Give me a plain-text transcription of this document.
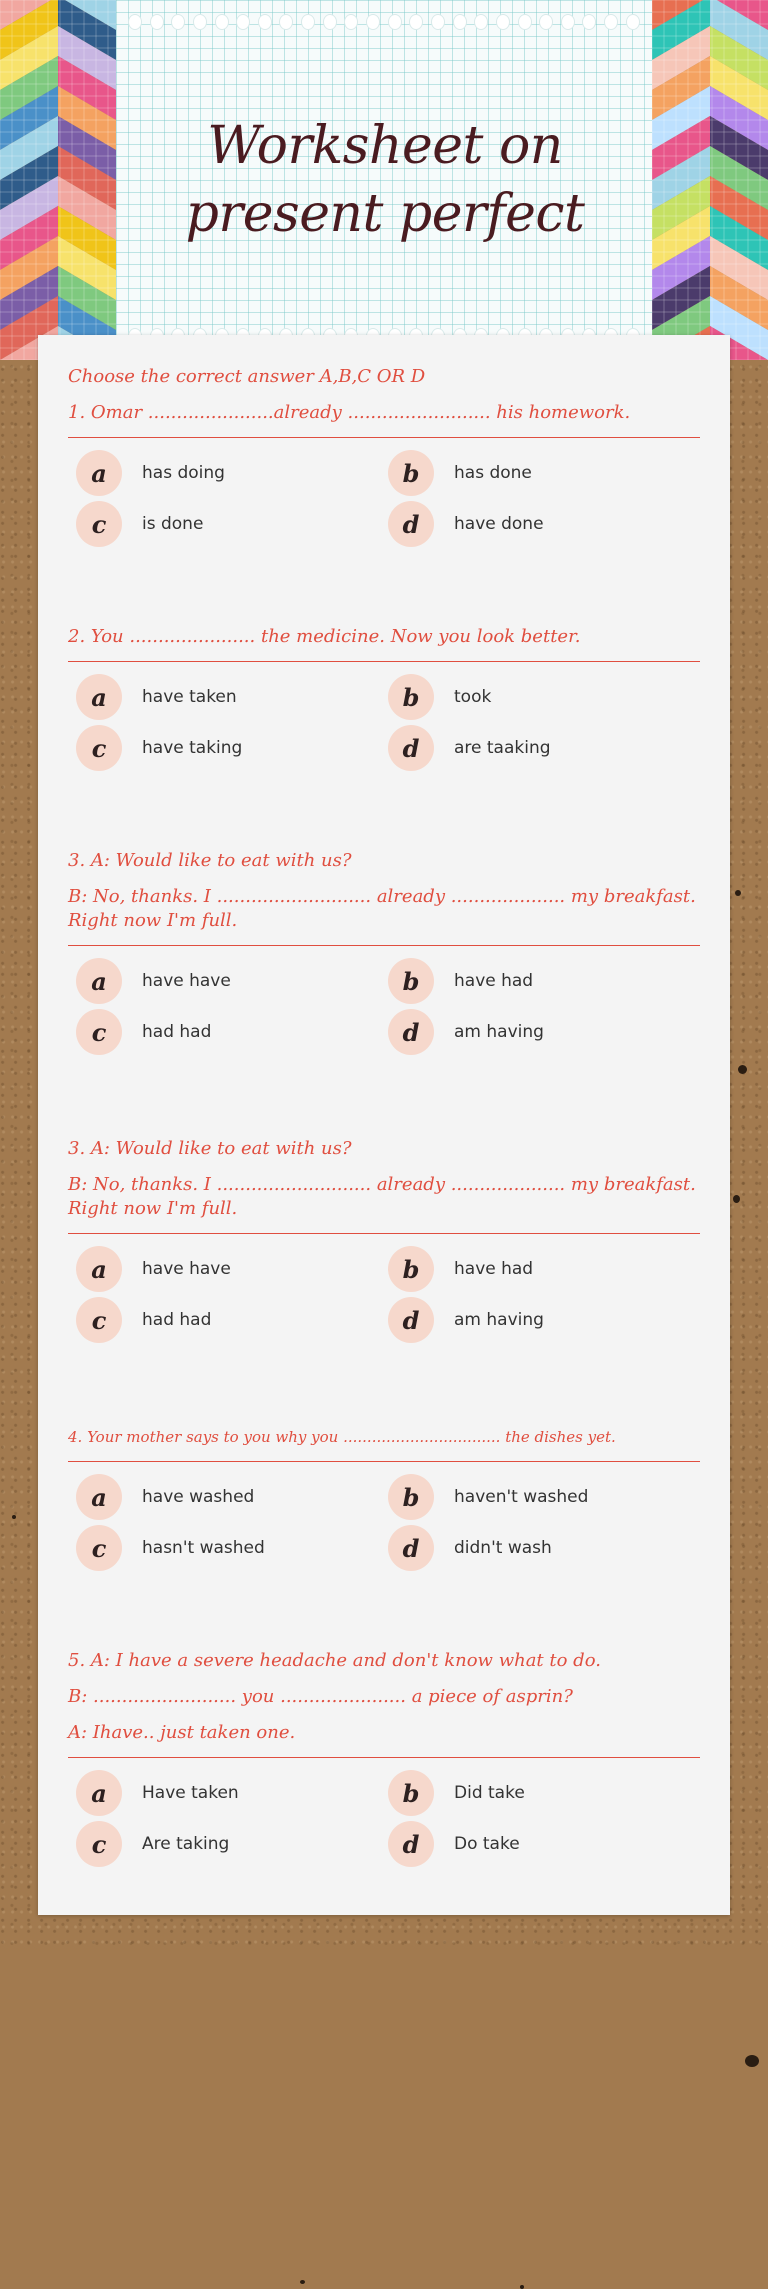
Worksheet on present perfect
Choose the correct answer A,B,C OR D
1. Omar ......................already ......................... his homework.
a	has doing	b	has done
c	is done	d	have done
2. You ...................... the medicine. Now you look better.
a	have taken	b	took
c	have taking	d	are taaking
3. A: Would like to eat with us?
B: No, thanks. I ........................... already .................... my breakfast. Right now I'm full.
a	have have	b	have had
c	had had	d	am having
3. A: Would like to eat with us?
B: No, thanks. I ........................... already .................... my breakfast. Right now I'm full.
a	have have	b	have had
c	had had	d	am having
4. Your mother says to you why you ................................. the dishes yet.
a	have washed	b	haven't washed
c	hasn't washed	d	didn't wash
5. A: I have a severe headache and don't know what to do.
B: ......................... you ...................... a piece of asprin?
A: Ihave.. just taken one.
a	Have taken	b	Did take
c	Are taking	d	Do take
